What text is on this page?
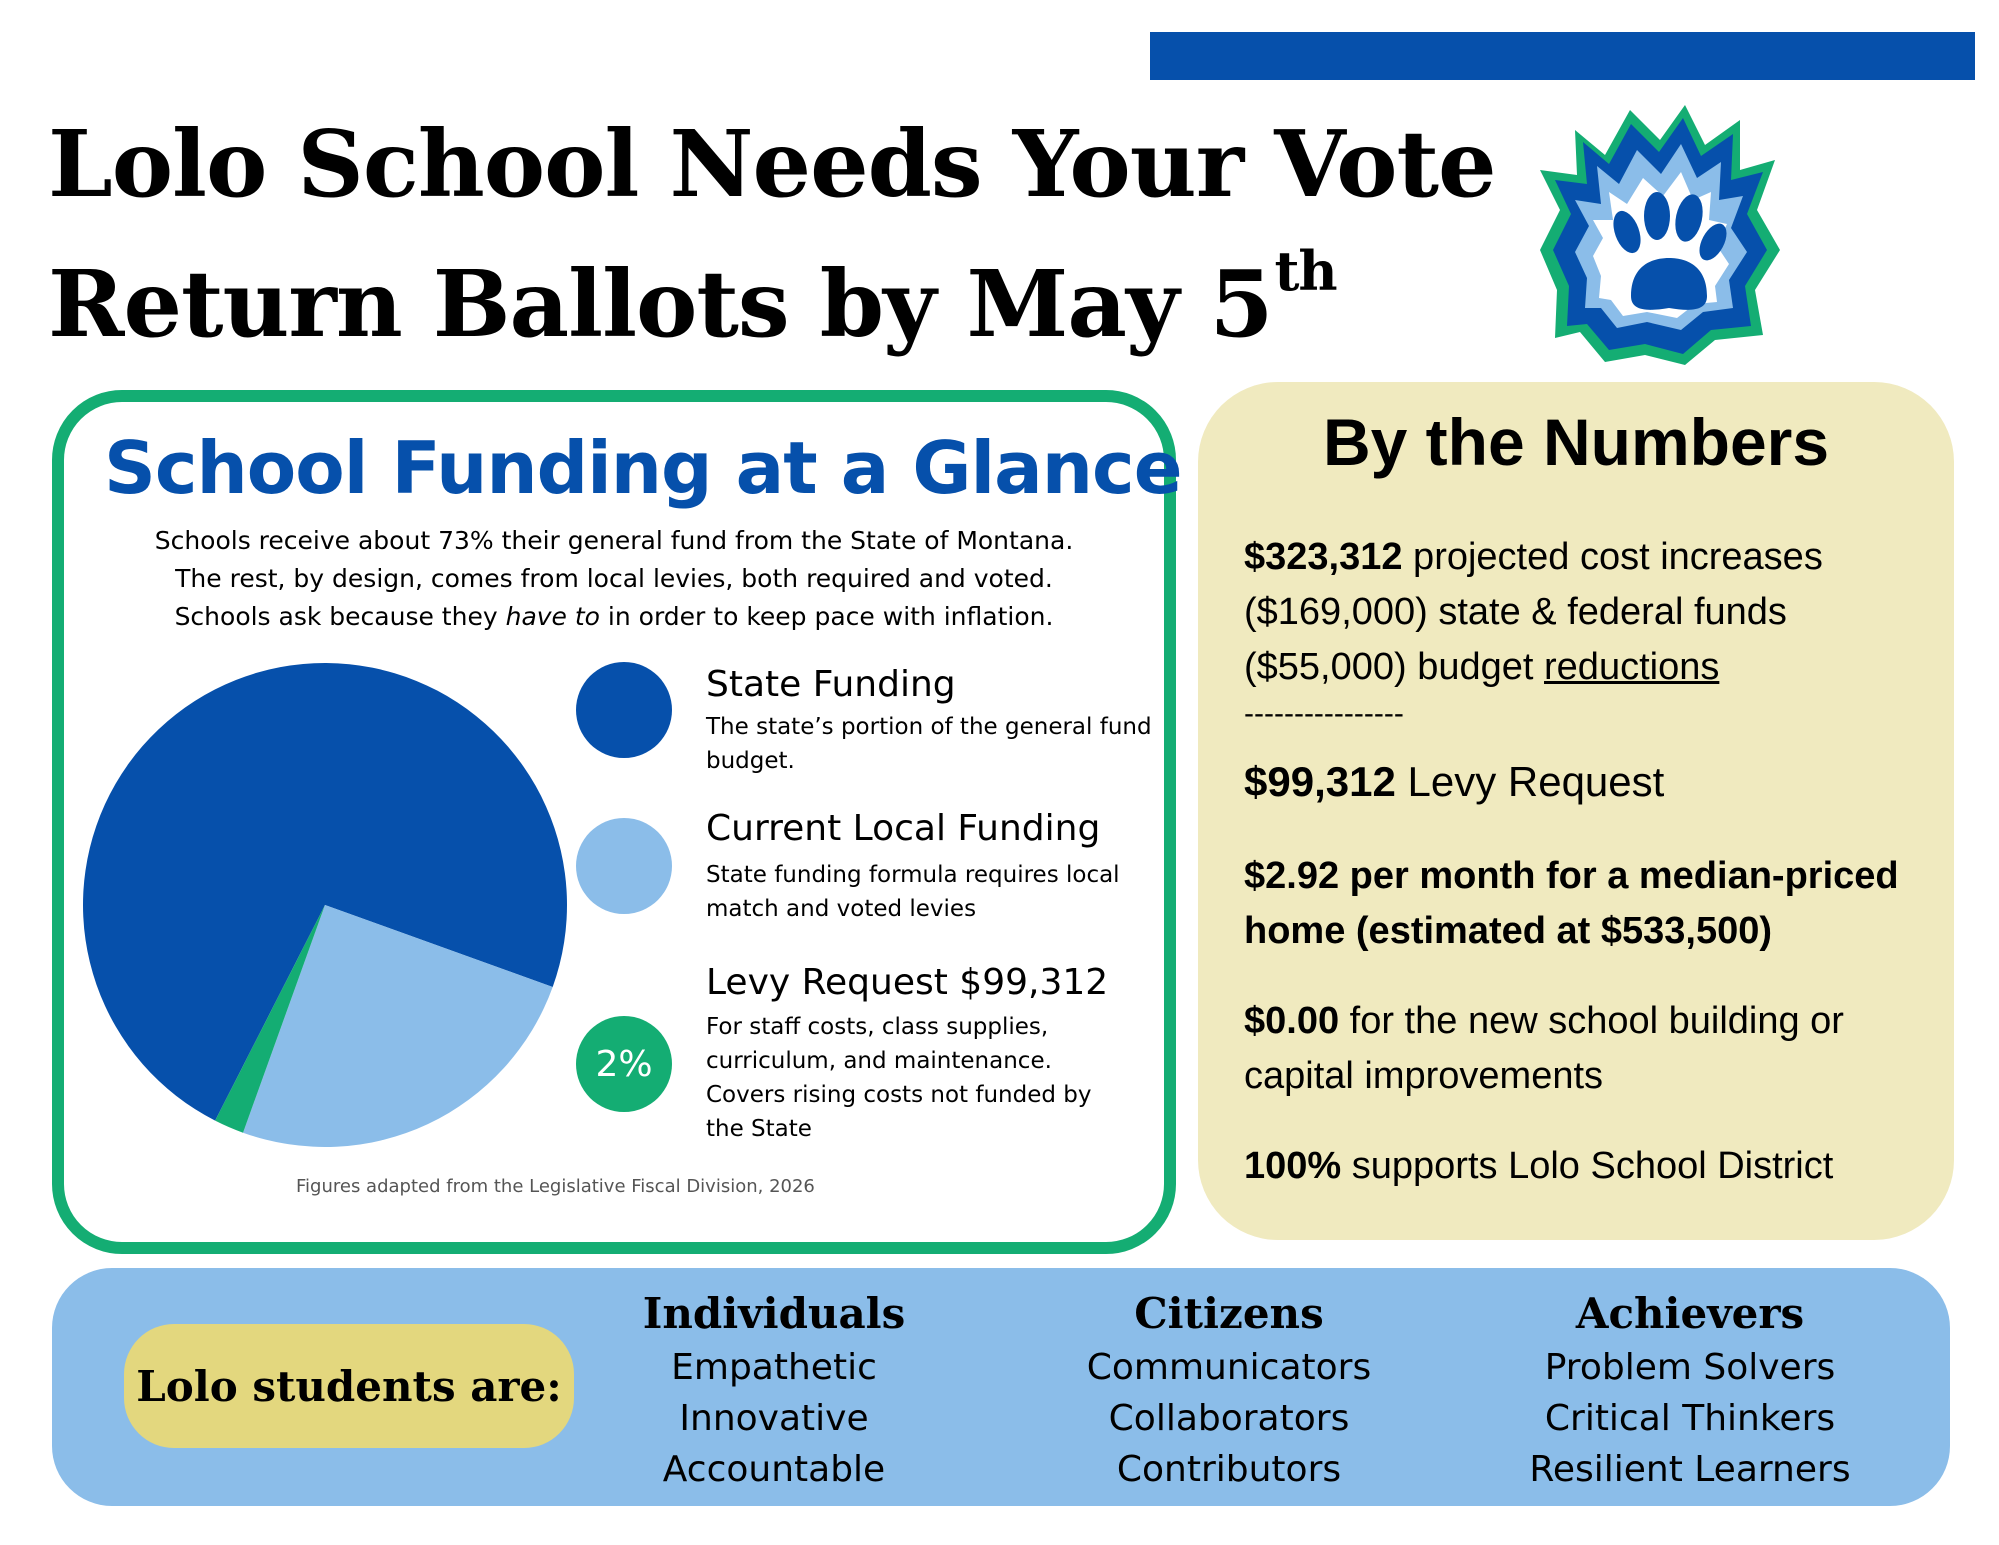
Lolo School Needs Your Vote
Return Ballots by May 5th
School Funding at a Glance
Schools receive about 73% their general fund from the State of Montana.
The rest, by design, comes from local levies, both required and voted.
Schools ask because they have to in order to keep pace with inflation.
State Funding
The state’s portion of the general fund budget.
Current Local Funding
State funding formula requires local match and voted levies
2%
Levy Request $99,312
For staff costs, class supplies, curriculum, and maintenance. Covers rising costs not funded by the State
Figures adapted from the Legislative Fiscal Division, 2026
By the Numbers
$323,312 projected cost increases
($169,000) state & federal funds
($55,000) budget reductions
----------------
$99,312 Levy Request
$2.92 per month for a median-priced
home (estimated at $533,500)
$0.00 for the new school building or
capital improvements
100% supports Lolo School District
Lolo students are:
Individuals
Empathetic
Innovative
Accountable
Citizens
Communicators
Collaborators
Contributors
Achievers
Problem Solvers
Critical Thinkers
Resilient Learners
